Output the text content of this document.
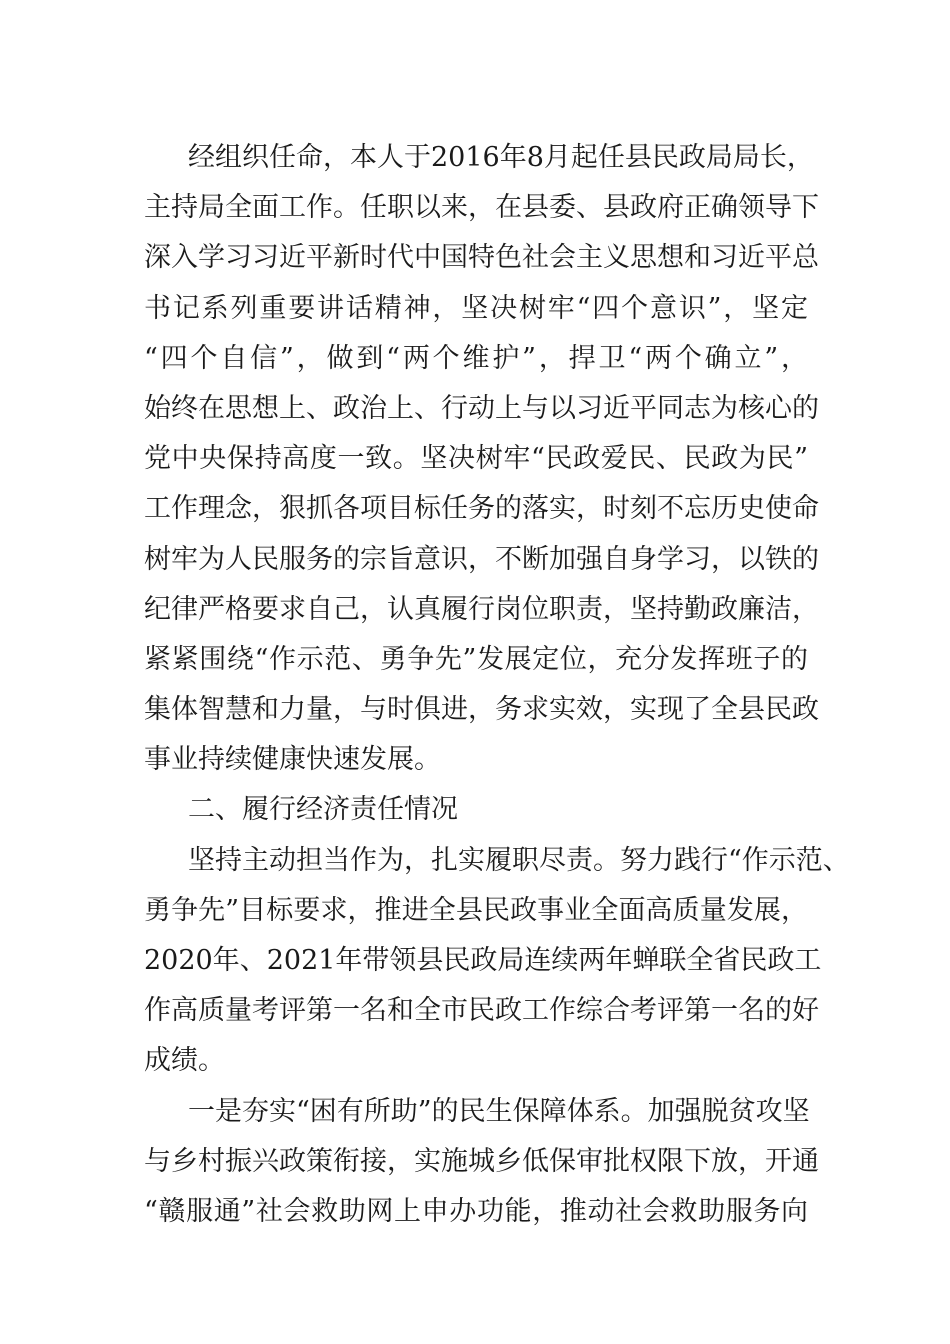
经组织任命，本人于2016年8月起任县民政局局长，
主持局全面工作。任职以来，在县委、县政府正确领导下
深入学习习近平新时代中国特色社会主义思想和习近平总
书记系列重要讲话精神，坚决树牢“四个意识”，坚定
“四个自信”，做到“两个维护”，捍卫“两个确立”，
始终在思想上、政治上、行动上与以习近平同志为核心的
党中央保持高度一致。坚决树牢“民政爱民、民政为民”
工作理念，狠抓各项目标任务的落实，时刻不忘历史使命
树牢为人民服务的宗旨意识，不断加强自身学习，以铁的
纪律严格要求自己，认真履行岗位职责，坚持勤政廉洁，
紧紧围绕“作示范、勇争先”发展定位，充分发挥班子的
集体智慧和力量，与时俱进，务求实效，实现了全县民政
事业持续健康快速发展。
二、履行经济责任情况
坚持主动担当作为，扎实履职尽责。努力践行“作示范、
勇争先”目标要求，推进全县民政事业全面高质量发展，
2020年、2021年带领县民政局连续两年蝉联全省民政工
作高质量考评第一名和全市民政工作综合考评第一名的好
成绩。
一是夯实“困有所助”的民生保障体系。加强脱贫攻坚
与乡村振兴政策衔接，实施城乡低保审批权限下放，开通
“赣服通”社会救助网上申办功能，推动社会救助服务向
